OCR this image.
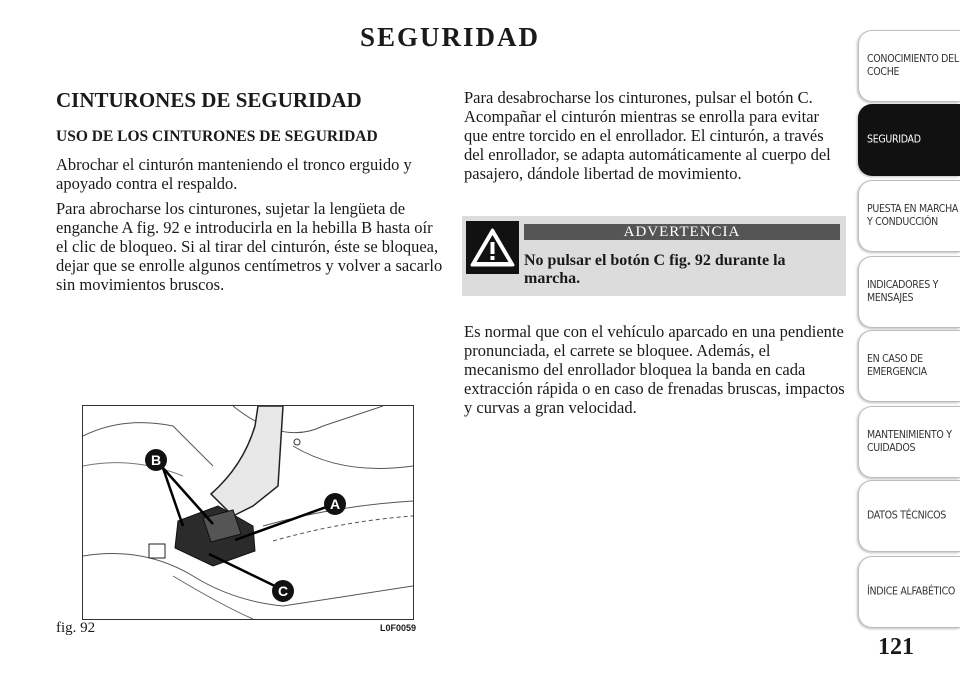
SEGURIDAD
CINTURONES DE SEGURIDAD
USO DE LOS CINTURONES DE SEGURIDAD
Abrochar el cinturón manteniendo el tronco erguido y apoyado contra el respaldo.
Para abrocharse los cinturones, sujetar la lengüeta de enganche A fig. 92 e introducirla en la hebilla B hasta oír el clic de bloqueo. Si al tirar del cinturón, éste se bloquea, dejar que se enrolle algunos centímetros y volver a sacarlo sin movimientos bruscos.
B
A
C
fig. 92	L0F0059
Para desabrocharse los cinturones, pulsar el botón C. Acompañar el cinturón mientras se enrolla para evitar que entre torcido en el enrollador. El cinturón, a través del enrollador, se adapta automáticamente al cuerpo del pasajero, dándole libertad de movimiento.
ADVERTENCIA
No pulsar el botón C fig. 92 durante la marcha.
Es normal que con el vehículo aparcado en una pendiente pronunciada, el carrete se bloquee. Además, el mecanismo del enrollador bloquea la banda en cada extracción rápida o en caso de frenadas bruscas, impactos y curvas a gran velocidad.
CONOCIMIENTO DEL COCHE
SEGURIDAD
PUESTA EN MARCHA Y CONDUCCIÓN
INDICADORES Y MENSAJES
EN CASO DE EMERGENCIA
MANTENIMIENTO Y CUIDADOS
DATOS TÉCNICOS
ÍNDICE ALFABÉTICO
121
